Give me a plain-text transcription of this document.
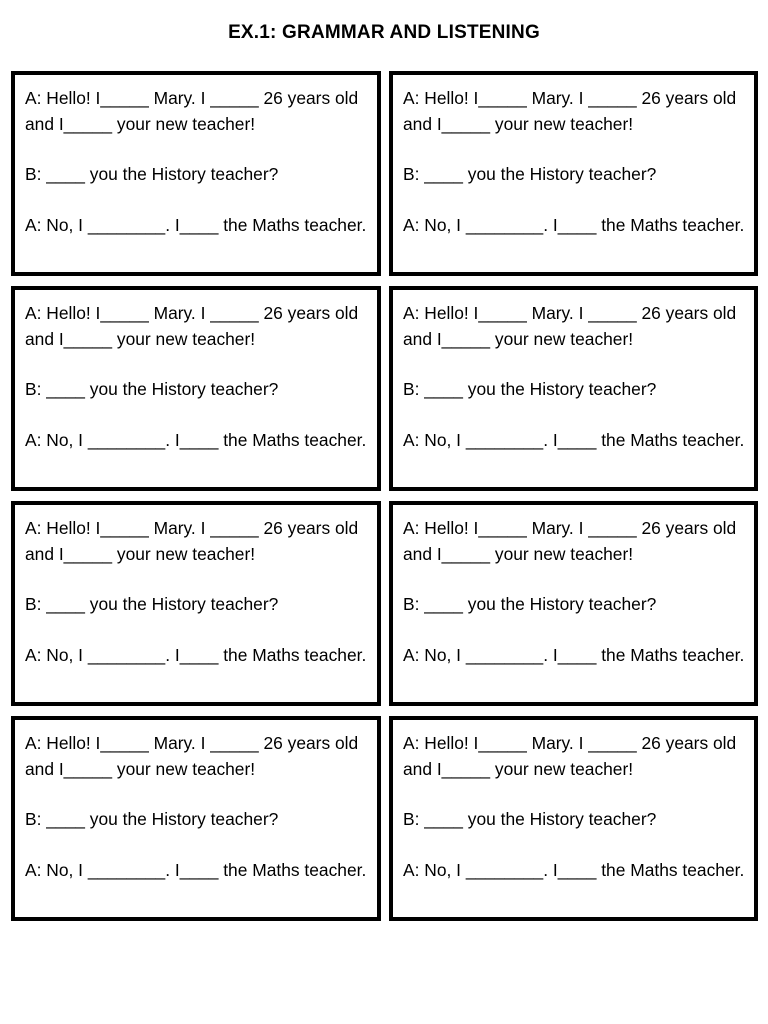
EX.1: GRAMMAR AND LISTENING

A: Hello! I_____ Mary. I _____ 26 years old and I_____ your new teacher!

B: ____ you the History teacher?

A: No, I ________. I____ the Maths teacher.

A: Hello! I_____ Mary. I _____ 26 years old and I_____ your new teacher!

B: ____ you the History teacher?

A: No, I ________. I____ the Maths teacher.

A: Hello! I_____ Mary. I _____ 26 years old and I_____ your new teacher!

B: ____ you the History teacher?

A: No, I ________. I____ the Maths teacher.

A: Hello! I_____ Mary. I _____ 26 years old and I_____ your new teacher!

B: ____ you the History teacher?

A: No, I ________. I____ the Maths teacher.

A: Hello! I_____ Mary. I _____ 26 years old and I_____ your new teacher!

B: ____ you the History teacher?

A: No, I ________. I____ the Maths teacher.

A: Hello! I_____ Mary. I _____ 26 years old and I_____ your new teacher!

B: ____ you the History teacher?

A: No, I ________. I____ the Maths teacher.

A: Hello! I_____ Mary. I _____ 26 years old and I_____ your new teacher!

B: ____ you the History teacher?

A: No, I ________. I____ the Maths teacher.

A: Hello! I_____ Mary. I _____ 26 years old and I_____ your new teacher!

B: ____ you the History teacher?

A: No, I ________. I____ the Maths teacher.
